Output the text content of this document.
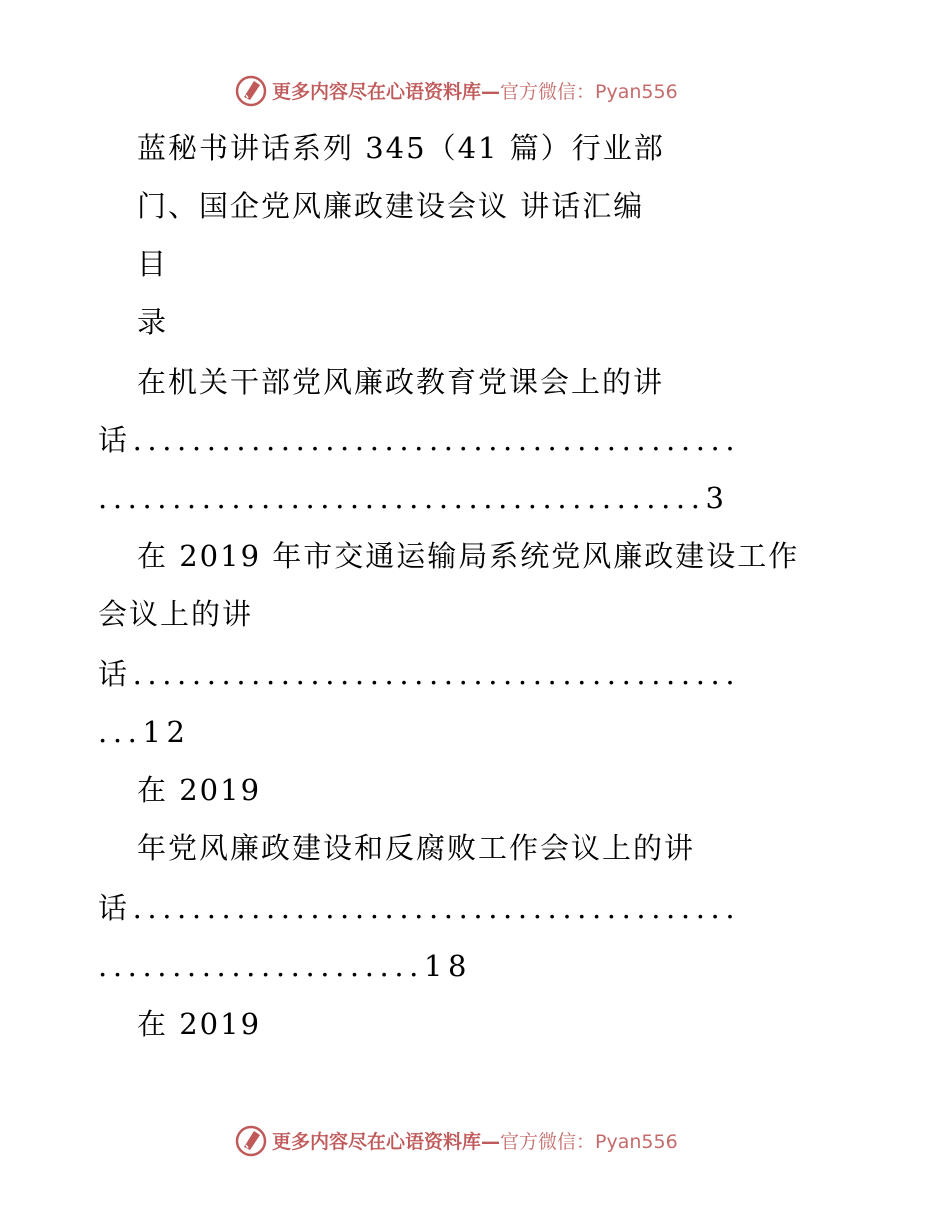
更多内容尽在心语资料库—官方微信：Pyan556
蓝秘书讲话系列 345（41 篇）行业部
门、国企党风廉政建设会议 讲话汇编
目
录
在机关干部党风廉政教育党课会上的讲
话.........................................
.........................................3
在 2019 年市交通运输局系统党风廉政建设工作
会议上的讲
话.........................................
...12
在 2019
年党风廉政建设和反腐败工作会议上的讲
话.........................................
......................18
在 2019
更多内容尽在心语资料库—官方微信：Pyan556
